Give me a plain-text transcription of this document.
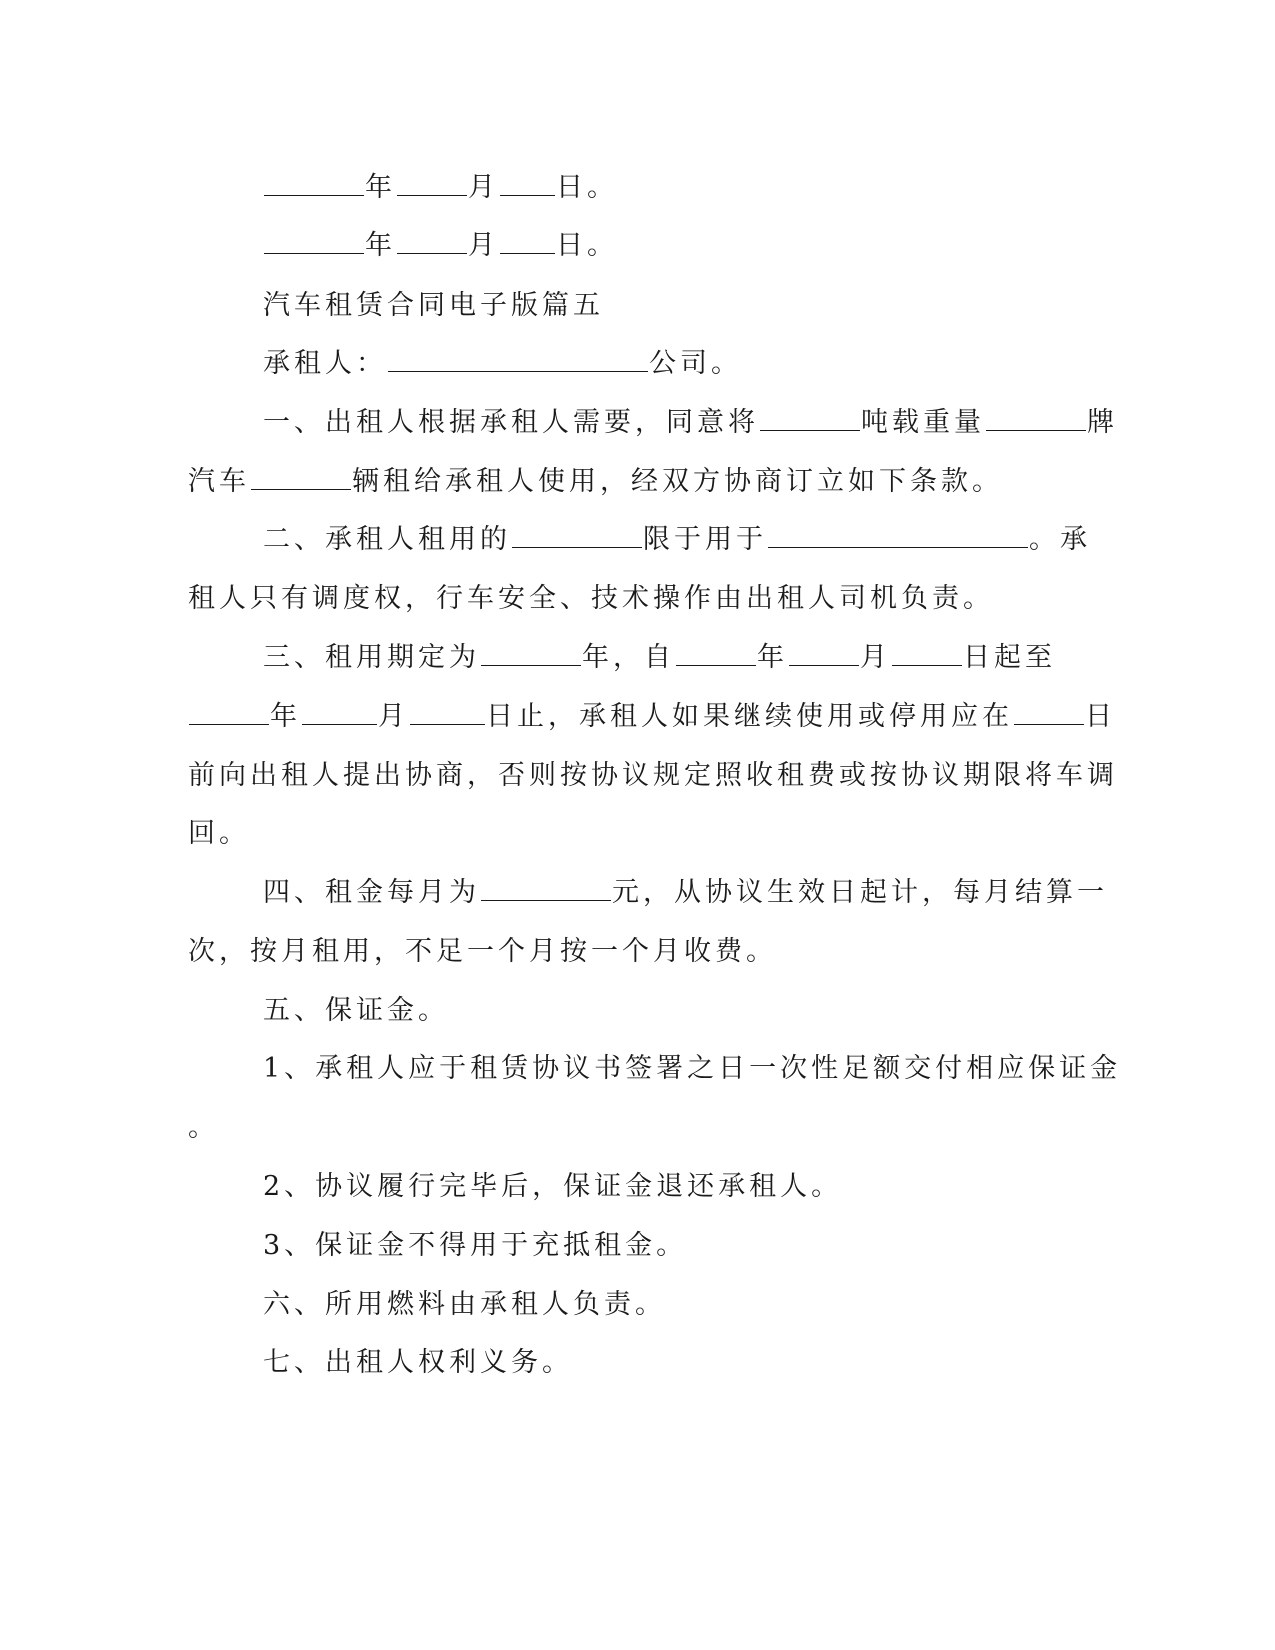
年	月 日。

年	月 日。

汽车租赁合同电子版篇五

承租人：	公司。

一、出租人根据承租人需要，同意将	吨载重量	牌

汽车	辆租给承租人使用，经双方协商订立如下条款。

二、承租人租用的	限于用于	。承

租人只有调度权，行车安全、技术操作由出租人司机负责。

三、租用期定为	年，自	年	月	日起至

年	月	日止，承租人如果继续使用或停用应在	日

前向出租人提出协商，否则按协议规定照收租费或按协议期限将车调

回。

四、租金每月为	元，从协议生效日起计，每月结算一

次，按月租用，不足一个月按一个月收费。

五、保证金。

1、承租人应于租赁协议书签署之日一次性足额交付相应保证金

。

2、协议履行完毕后，保证金退还承租人。

3、保证金不得用于充抵租金。

六、所用燃料由承租人负责。

七、出租人权利义务。
